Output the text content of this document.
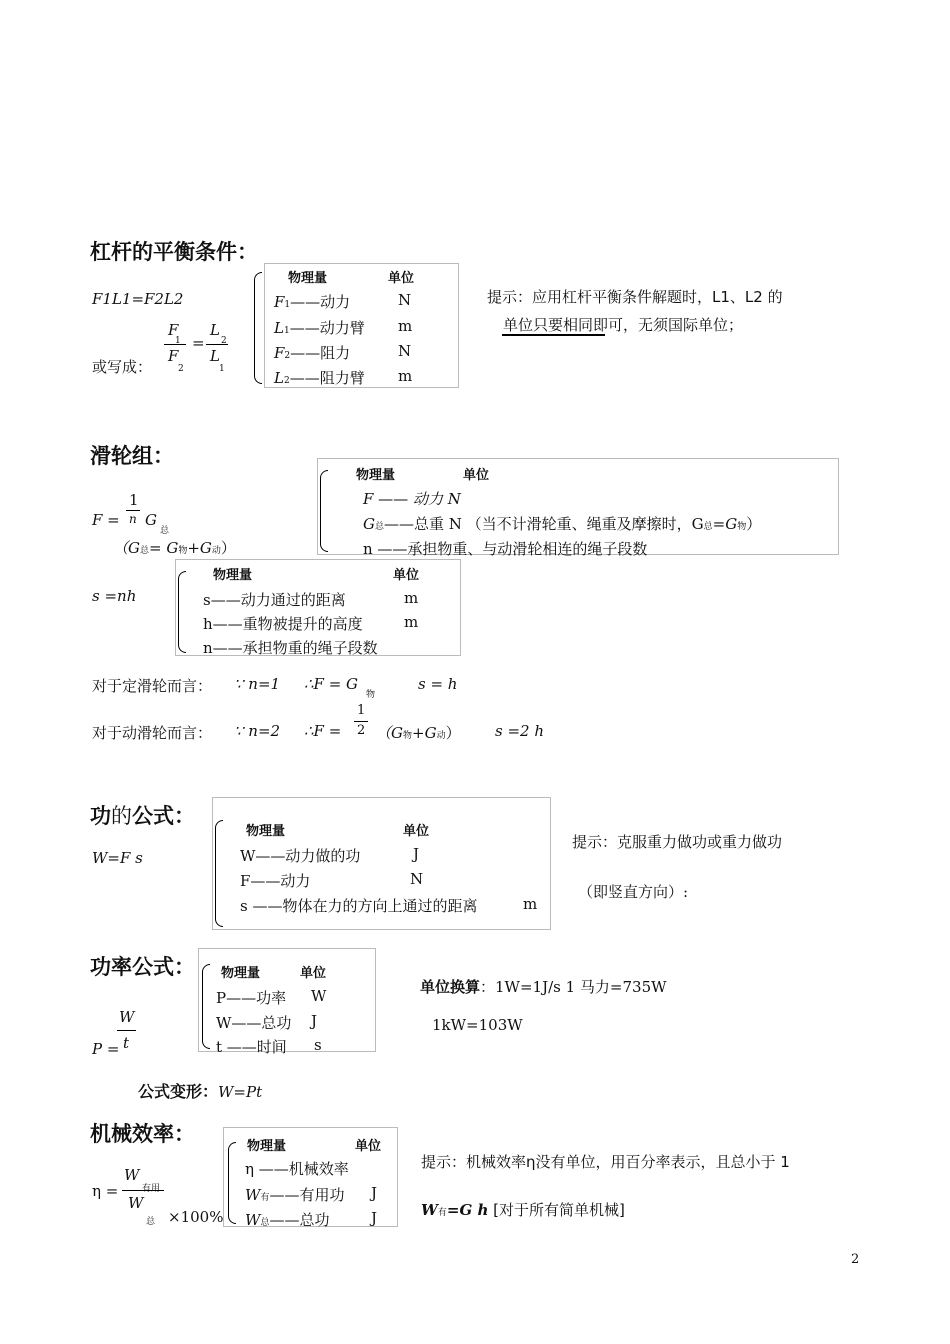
杠杆的平衡条件：
F1L1=F2L2
或写成：
F
F
1
2
=
L
L
2
1
物理量	单位
F1——动力	N
L1——动力臂 m
F2——阻力	N
L2——阻力臂 m
提示：应用杠杆平衡条件解题时，L1、L2 的
单位只要相同即可，无须国际单位；
滑轮组：
F =
1
n G
总
（G总= G物+G动）
物理量	单位
F —— 动力 N
G总——总重 N （当不计滑轮重、绳重及摩擦时，G总=G物）
n ——承担物重、与动滑轮相连的绳子段数
s =nh
物理量	单位
s——动力通过的距离	m
h——重物被提升的高度	m
n——承担物重的绳子段数
对于定滑轮而言： ∵ n=1 ∴F = G
物
s = h
对于动滑轮而言： ∵ n=2 ∴F =
1
2 （G物+G动） s =2 h
功的公式：
W=F s
物理量	单位
W——动力做的功	J
F——动力	N
s ——物体在力的方向上通过的距离	m
提示：克服重力做功或重力做功
（即竖直方向）:
功率公式：
P =
W
t
物理量	单位
P——功率 W
W——总功 J
t ——时间 s
单位换算：1W=1J/s 1 马力=735W
1kW=103W
公式变形：W=Pt
机械效率：
η =
W
有用
W
总 ×100%
物理量	单位
η ——机械效率
W有——有用功 J
W总——总功	J
提示：机械效率η没有单位，用百分率表示，且总小于 1
W有=G h [对于所有简单机械]
2
